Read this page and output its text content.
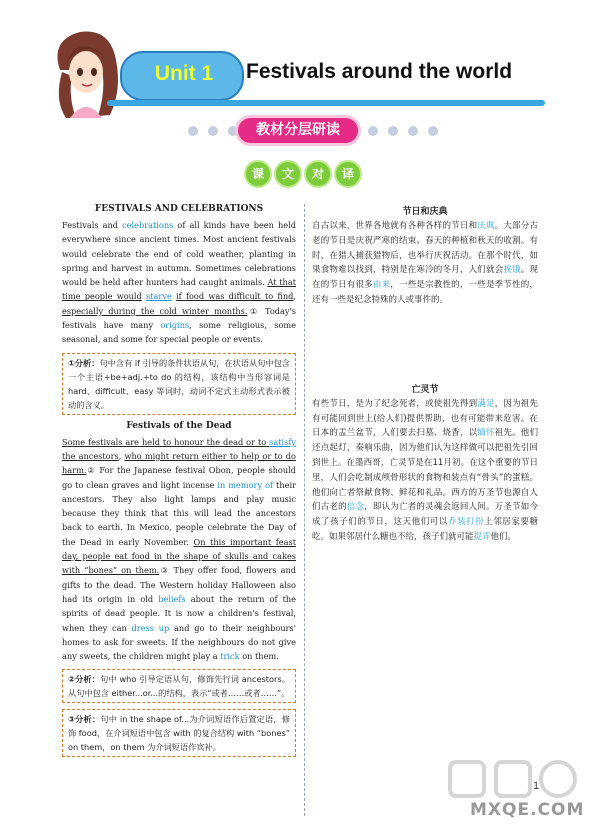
Unit 1	Festivals around the world
教材分层研读
课	文	对	译
FESTIVALS AND CELEBRATIONS

Festivals and celebrations of all kinds have been held everywhere since ancient times. Most ancient festivals would celebrate the end of cold weather, planting in spring and harvest in autumn. Sometimes celebrations would be held after hunters had caught animals. At that time people would starve if food was difficult to find, especially during the cold winter months.① Today's festivals have many origins, some religious, some seasonal, and some for special people or events.

①分析：句中含有 if 引导的条件状语从句，在状语从句中包含一个主语+be+adj.+to do 的结构，该结构中当形容词是 hard、difficult、easy 等词时，动词不定式主动形式表示被动的含义。
Festivals of the Dead

Some festivals are held to honour the dead or to satisfy the ancestors, who might return either to help or to do harm.② For the Japanese festival Obon, people should go to clean graves and light incense in memory of their ancestors. They also light lamps and play music because they think that this will lead the ancestors back to earth. In Mexico, people celebrate the Day of the Dead in early November. On this important feast day, people eat food in the shape of skulls and cakes with “bones” on them.③ They offer food, flowers and gifts to the dead. The Western holiday Halloween also had its origin in old beliefs about the return of the spirits of dead people. It is now a children's festival, when they can dress up and go to their neighbours' homes to ask for sweets. If the neighbours do not give any sweets, the children might play a trick on them.

②分析：句中 who 引导定语从句，修饰先行词 ancestors。从句中包含 either...or...的结构，表示“或者……或者……”。
③分析：句中 in the shape of...为介词短语作后置定语，修饰 food，在介词短语中包含 with 的复合结构 with “bones” on them，on them 为介词短语作宾补。
节日和庆典

自古以来，世界各地就有各种各样的节日和庆典。大部分古老的节日是庆祝严寒的结束、春天的种植和秋天的收割。有时，在猎人捕获猎物后，也举行庆祝活动。在那个时代，如果食物难以找到，特别是在寒冷的冬月，人们就会挨饿。现在的节日有很多由来，一些是宗教性的，一些是季节性的，还有一些是纪念特殊的人或事件的。

亡灵节

有些节日，是为了纪念死者，或使祖先得到满足，因为祖先有可能回到世上(给人们)提供帮助，也有可能带来危害。在日本的盂兰盆节，人们要去扫墓、烧香，以缅怀祖先。他们还点起灯，奏响乐曲，因为他们认为这样做可以把祖先引回到世上。在墨西哥，亡灵节是在11月初。在这个重要的节日里，人们会吃制成颅骨形状的食物和装点有“骨头”的蛋糕。他们向亡者祭献食物、鲜花和礼品。西方的万圣节也源自人们古老的信念，即认为亡者的灵魂会返回人间。万圣节如今成了孩子们的节日，这天他们可以乔装打扮上邻居家要糖吃。如果邻居什么糖也不给，孩子们就可能捉弄他们。

MXQE.COM
1
